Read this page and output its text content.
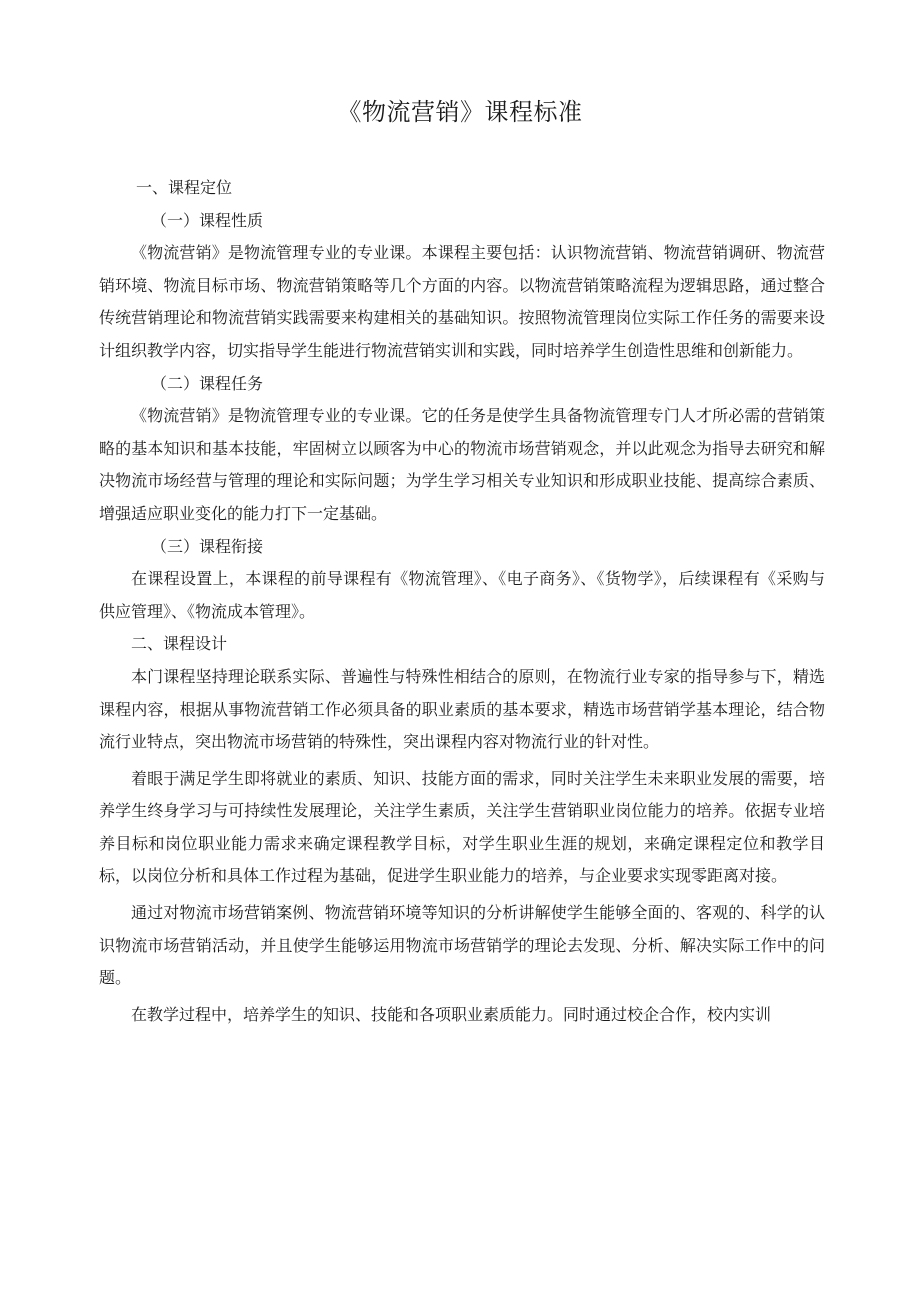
《物流营销》课程标准

一、课程定位

（一）课程性质

《物流营销》是物流管理专业的专业课。本课程主要包括：认识物流营销、物流营销调研、物流营销环境、物流目标市场、物流营销策略等几个方面的内容。以物流营销策略流程为逻辑思路，通过整合传统营销理论和物流营销实践需要来构建相关的基础知识。按照物流管理岗位实际工作任务的需要来设计组织教学内容，切实指导学生能进行物流营销实训和实践，同时培养学生创造性思维和创新能力。

（二）课程任务

《物流营销》是物流管理专业的专业课。它的任务是使学生具备物流管理专门人才所必需的营销策略的基本知识和基本技能，牢固树立以顾客为中心的物流市场营销观念，并以此观念为指导去研究和解决物流市场经营与管理的理论和实际问题；为学生学习相关专业知识和形成职业技能、提高综合素质、增强适应职业变化的能力打下一定基础。

（三）课程衔接

在课程设置上，本课程的前导课程有《物流管理》、《电子商务》、《货物学》，后续课程有《采购与供应管理》、《物流成本管理》。

二、课程设计

本门课程坚持理论联系实际、普遍性与特殊性相结合的原则，在物流行业专家的指导参与下，精选课程内容，根据从事物流营销工作必须具备的职业素质的基本要求，精选市场营销学基本理论，结合物流行业特点，突出物流市场营销的特殊性，突出课程内容对物流行业的针对性。

着眼于满足学生即将就业的素质、知识、技能方面的需求，同时关注学生未来职业发展的需要，培养学生终身学习与可持续性发展理论，关注学生素质，关注学生营销职业岗位能力的培养。依据专业培养目标和岗位职业能力需求来确定课程教学目标，对学生职业生涯的规划，来确定课程定位和教学目标，以岗位分析和具体工作过程为基础，促进学生职业能力的培养，与企业要求实现零距离对接。

通过对物流市场营销案例、物流营销环境等知识的分析讲解使学生能够全面的、客观的、科学的认识物流市场营销活动，并且使学生能够运用物流市场营销学的理论去发现、分析、解决实际工作中的问题。

在教学过程中，培养学生的知识、技能和各项职业素质能力。同时通过校企合作，校内实训
